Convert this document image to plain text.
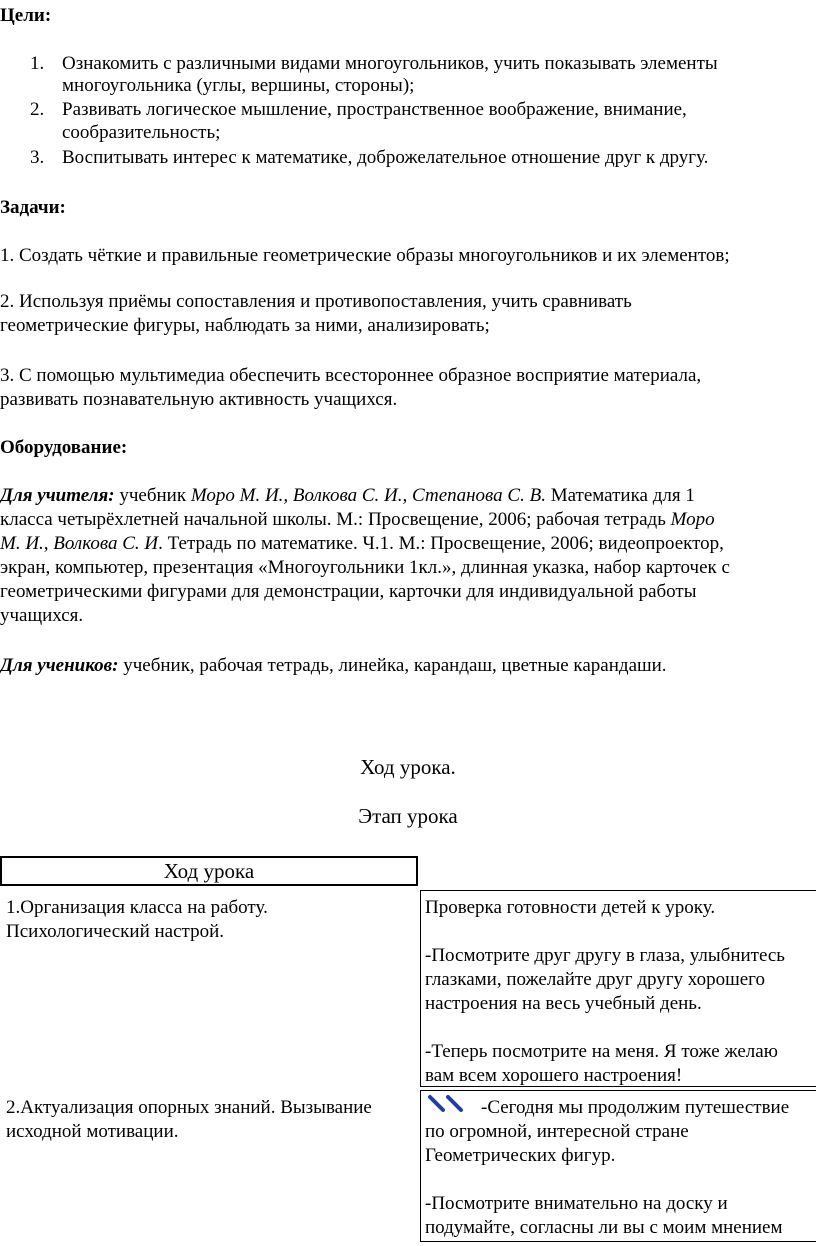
Цели:
1. Ознакомить с различными видами многоугольников, учить показывать элементы
многоугольника (углы, вершины, стороны);
2. Развивать логическое мышление, пространственное воображение, внимание,
сообразительность;
3. Воспитывать интерес к математике, доброжелательное отношение друг к другу.
Задачи:
1. Создать чёткие и правильные геометрические образы многоугольников и их элементов;
2. Используя приёмы сопоставления и противопоставления, учить сравнивать
геометрические фигуры, наблюдать за ними, анализировать;
3. С помощью мультимедиа обеспечить всестороннее образное восприятие материала,
развивать познавательную активность учащихся.
Оборудование:
Для учителя: учебник Моро М. И., Волкова С. И., Степанова С. В. Математика для 1
класса четырёхлетней начальной школы. М.: Просвещение, 2006; рабочая тетрадь Моро
М. И., Волкова С. И. Тетрадь по математике. Ч.1. М.: Просвещение, 2006; видеопроектор,
экран, компьютер, презентация «Многоугольники 1кл.», длинная указка, набор карточек с
геометрическими фигурами для демонстрации, карточки для индивидуальной работы
учащихся.
Для учеников: учебник, рабочая тетрадь, линейка, карандаш, цветные карандаши.
Ход урока.
Этап урока
Ход урока
1.Организация класса на работу.
Психологический настрой.
Проверка готовности детей к уроку.
-Посмотрите друг другу в глаза, улыбнитесь
глазками, пожелайте друг другу хорошего
настроения на весь учебный день.
-Теперь посмотрите на меня. Я тоже желаю
вам всем хорошего настроения!
2.Актуализация опорных знаний. Вызывание
исходной мотивации.
-Сегодня мы продолжим путешествие
по огромной, интересной стране
Геометрических фигур.
-Посмотрите внимательно на доску и
подумайте, согласны ли вы с моим мнением
